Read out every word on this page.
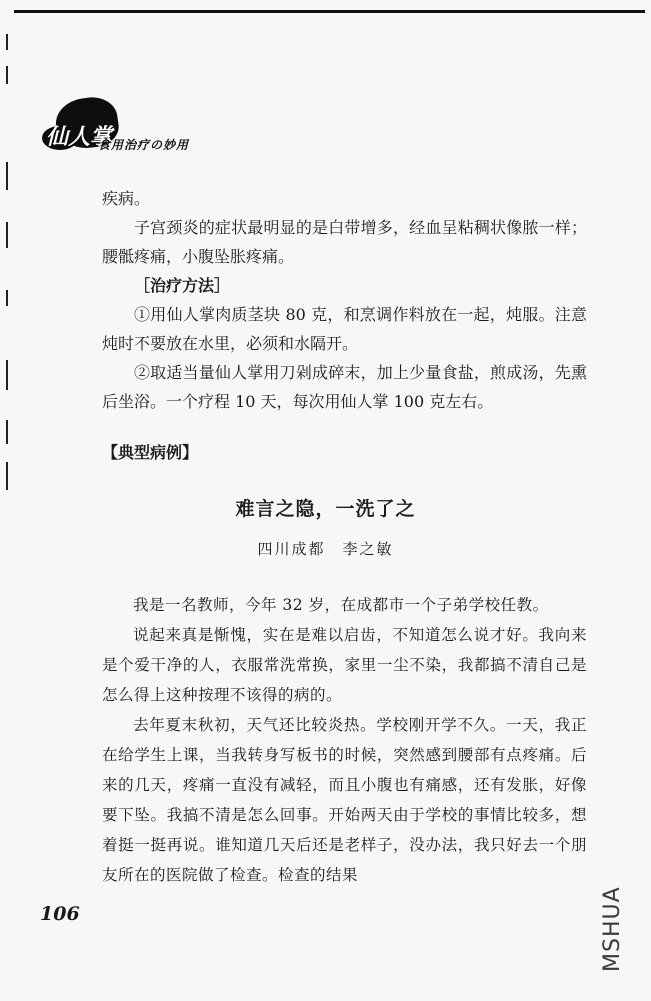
仙人掌
食用治疗の妙用

疾病。

子宫颈炎的症状最明显的是白带增多，经血呈粘稠状像脓一样；腰骶疼痛，小腹坠胀疼痛。

［治疗方法］

①用仙人掌肉质茎块 80 克，和烹调作料放在一起，炖服。注意炖时不要放在水里，必须和水隔开。

②取适当量仙人掌用刀剁成碎末，加上少量食盐，煎成汤，先熏后坐浴。一个疗程 10 天，每次用仙人掌 100 克左右。

【典型病例】
难言之隐，一洗了之
四川成都　李之敏

我是一名教师，今年 32 岁，在成都市一个子弟学校任教。

说起来真是惭愧，实在是难以启齿，不知道怎么说才好。我向来是个爱干净的人，衣服常洗常换，家里一尘不染，我都搞不清自己是怎么得上这种按理不该得的病的。

去年夏末秋初，天气还比较炎热。学校刚开学不久。一天，我正在给学生上课，当我转身写板书的时候，突然感到腰部有点疼痛。后来的几天，疼痛一直没有减轻，而且小腹也有痛感，还有发胀，好像要下坠。我搞不清是怎么回事。开始两天由于学校的事情比较多，想着挺一挺再说。谁知道几天后还是老样子，没办法，我只好去一个朋友所在的医院做了检查。检查的结果

106	MSHUA
